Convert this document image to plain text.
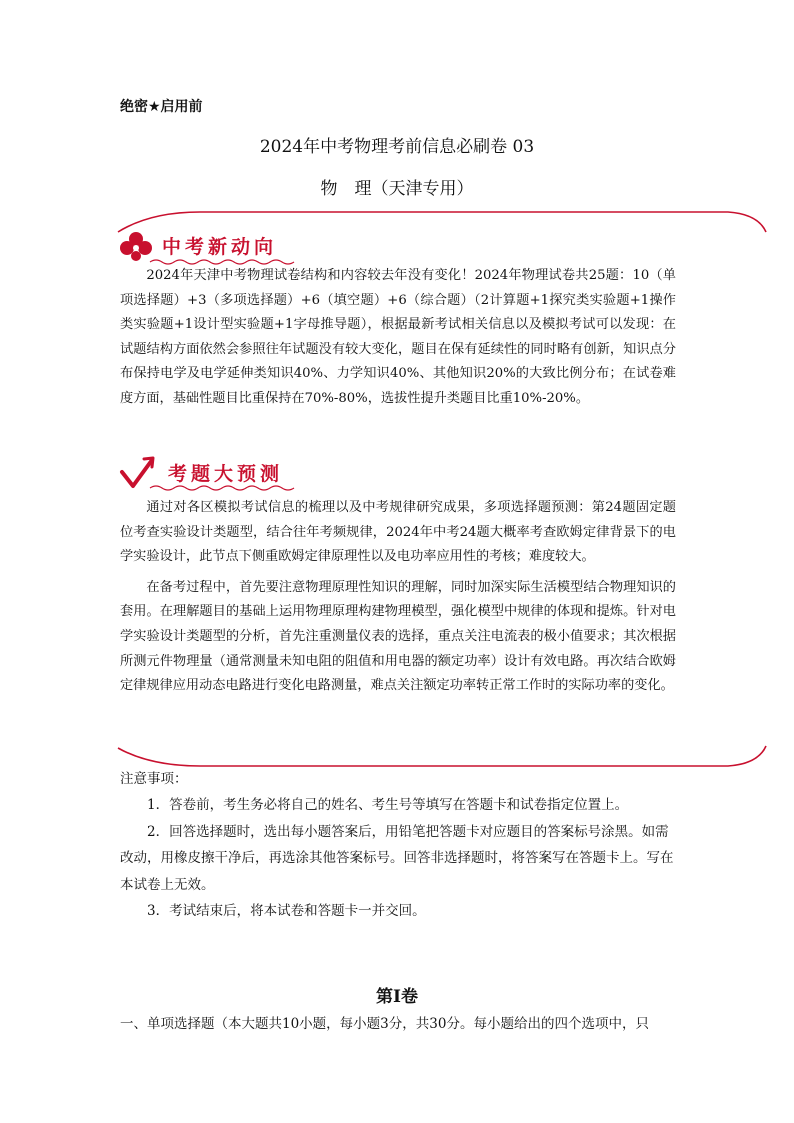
绝密★启用前
2024年中考物理考前信息必刷卷 03
物　理（天津专用）
中考新动向

2024年天津中考物理试卷结构和内容较去年没有变化！2024年物理试卷共25题：10（单项选择题）+3（多项选择题）+6（填空题）+6（综合题）（2计算题+1探究类实验题+1操作类实验题+1设计型实验题+1字母推导题），根据最新考试相关信息以及模拟考试可以发现：在试题结构方面依然会参照往年试题没有较大变化，题目在保有延续性的同时略有创新，知识点分布保持电学及电学延伸类知识40%、力学知识40%、其他知识20%的大致比例分布；在试卷难度方面，基础性题目比重保持在70%-80%，选拔性提升类题目比重10%-20%。

考题大预测

通过对各区模拟考试信息的梳理以及中考规律研究成果，多项选择题预测：第24题固定题位考查实验设计类题型，结合往年考频规律，2024年中考24题大概率考查欧姆定律背景下的电学实验设计，此节点下侧重欧姆定律原理性以及电功率应用性的考核；难度较大。

在备考过程中，首先要注意物理原理性知识的理解，同时加深实际生活模型结合物理知识的套用。在理解题目的基础上运用物理原理构建物理模型，强化模型中规律的体现和提炼。针对电学实验设计类题型的分析，首先注重测量仪表的选择，重点关注电流表的极小值要求；其次根据所测元件物理量（通常测量未知电阻的阻值和用电器的额定功率）设计有效电路。再次结合欧姆定律规律应用动态电路进行变化电路测量，难点关注额定功率转正常工作时的实际功率的变化。

注意事项：

1．答卷前，考生务必将自己的姓名、考生号等填写在答题卡和试卷指定位置上。

2．回答选择题时，选出每小题答案后，用铅笔把答题卡对应题目的答案标号涂黑。如需改动，用橡皮擦干净后，再选涂其他答案标号。回答非选择题时，将答案写在答题卡上。写在本试卷上无效。

3．考试结束后，将本试卷和答题卡一并交回。

第Ⅰ卷
一、单项选择题（本大题共10小题，每小题3分，共30分。每小题给出的四个选项中，只
